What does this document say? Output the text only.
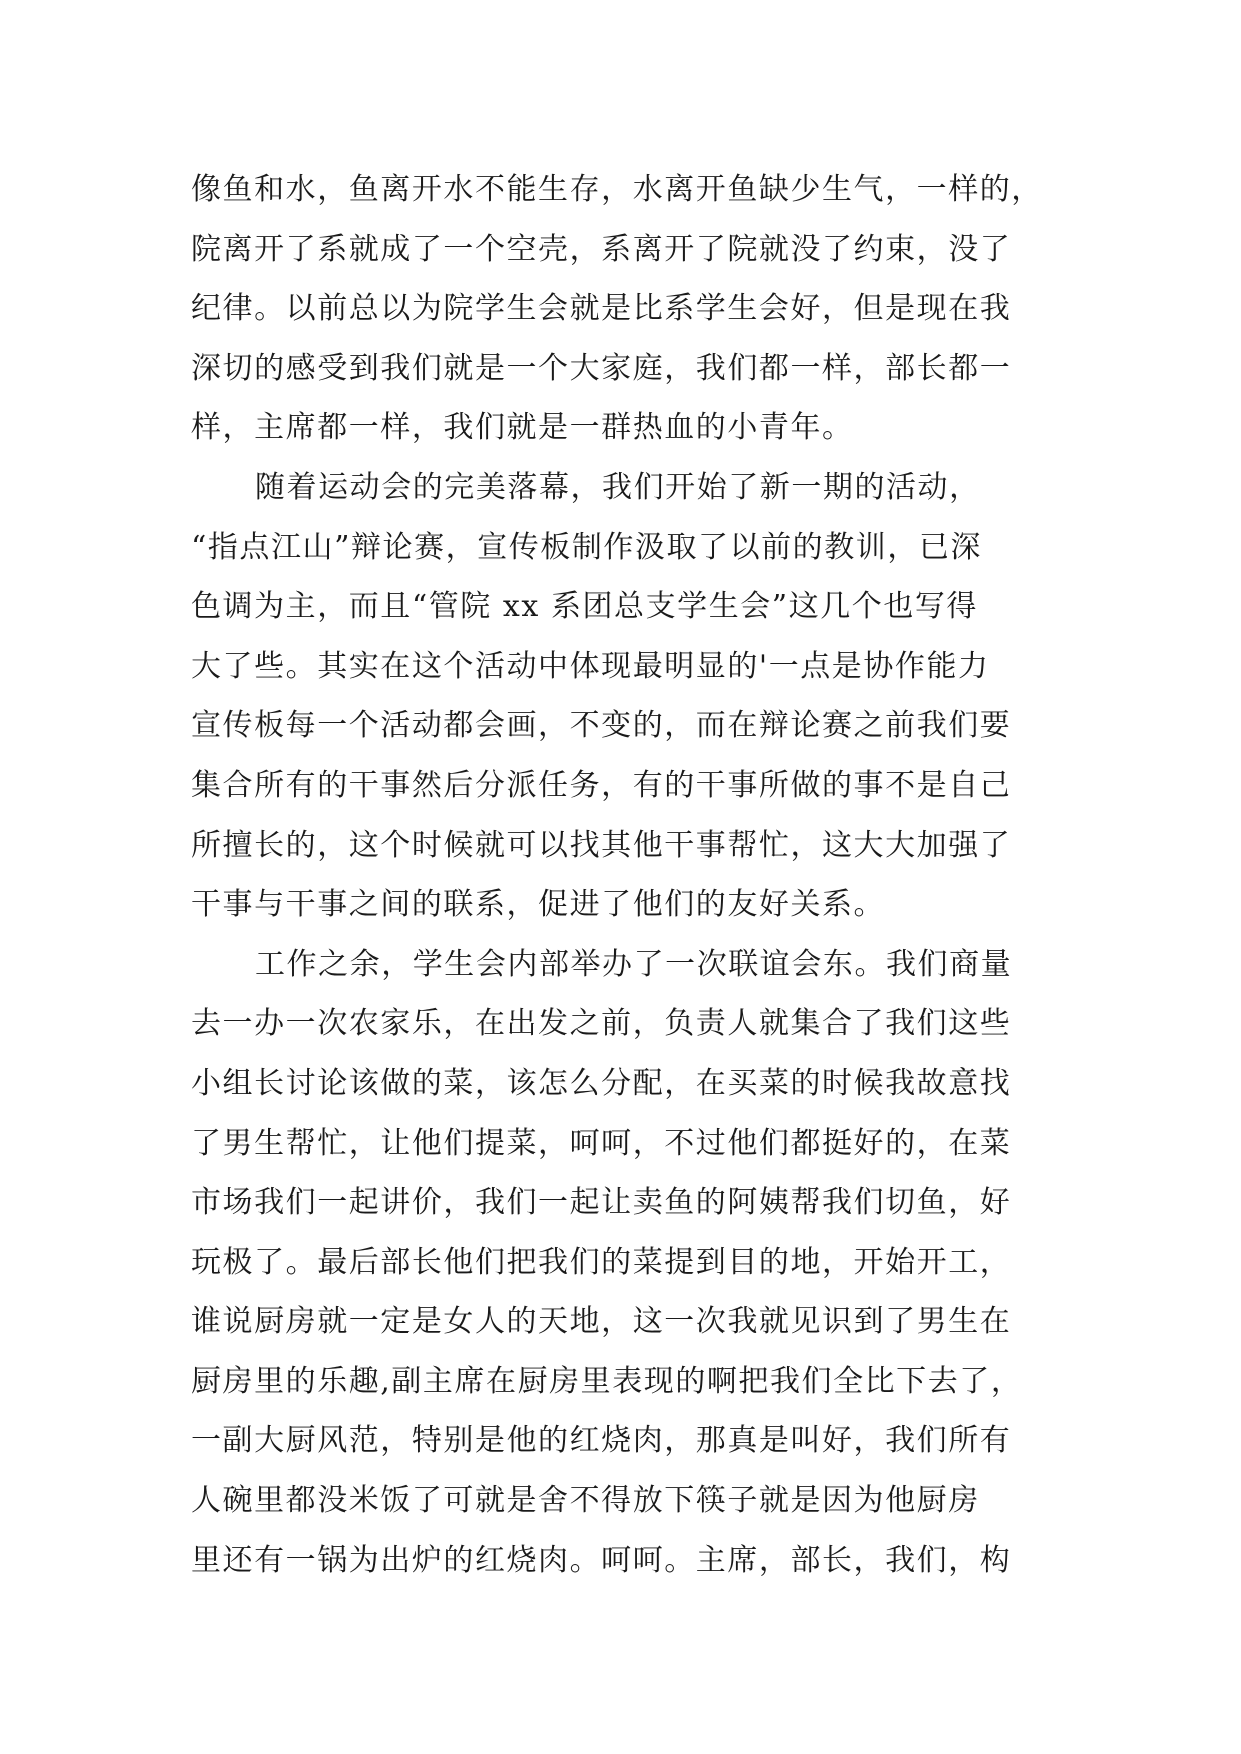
像鱼和水，鱼离开水不能生存，水离开鱼缺少生气，一样的，
院离开了系就成了一个空壳，系离开了院就没了约束，没了
纪律。以前总以为院学生会就是比系学生会好，但是现在我
深切的感受到我们就是一个大家庭，我们都一样，部长都一
样，主席都一样，我们就是一群热血的小青年。
随着运动会的完美落幕，我们开始了新一期的活动，
“指点江山”辩论赛，宣传板制作汲取了以前的教训，已深
色调为主，而且“管院 xx 系团总支学生会”这几个也写得
大了些。其实在这个活动中体现最明显的'一点是协作能力
宣传板每一个活动都会画，不变的，而在辩论赛之前我们要
集合所有的干事然后分派任务，有的干事所做的事不是自己
所擅长的，这个时候就可以找其他干事帮忙，这大大加强了
干事与干事之间的联系，促进了他们的友好关系。
工作之余，学生会内部举办了一次联谊会东。我们商量
去一办一次农家乐，在出发之前，负责人就集合了我们这些
小组长讨论该做的菜，该怎么分配，在买菜的时候我故意找
了男生帮忙，让他们提菜，呵呵，不过他们都挺好的，在菜
市场我们一起讲价，我们一起让卖鱼的阿姨帮我们切鱼，好
玩极了。最后部长他们把我们的菜提到目的地，开始开工，
谁说厨房就一定是女人的天地，这一次我就见识到了男生在
厨房里的乐趣,副主席在厨房里表现的啊把我们全比下去了，
一副大厨风范，特别是他的红烧肉，那真是叫好，我们所有
人碗里都没米饭了可就是舍不得放下筷子就是因为他厨房
里还有一锅为出炉的红烧肉。呵呵。主席，部长，我们，构
